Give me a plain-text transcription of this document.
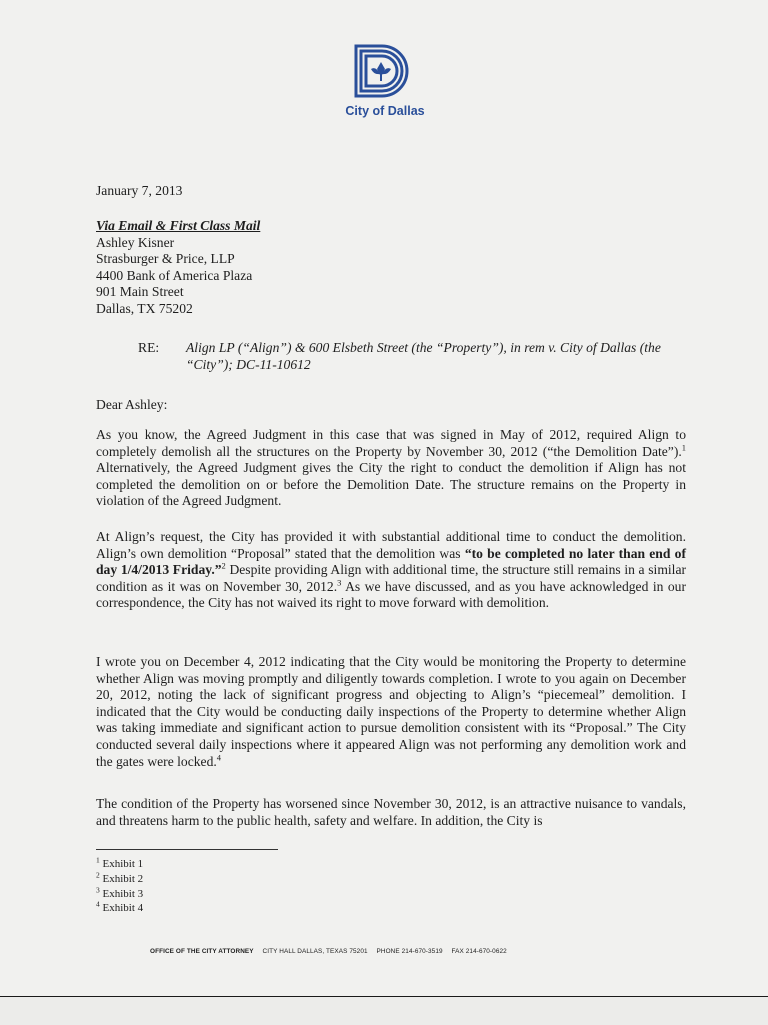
City of Dallas
January 7, 2013
Via Email & First Class Mail
Ashley Kisner
Strasburger & Price, LLP
4400 Bank of America Plaza
901 Main Street
Dallas, TX 75202
RE: Align LP (“Align”) & 600 Elsbeth Street (the “Property”), in rem v. City of Dallas (the “City”); DC-11-10612
Dear Ashley:
As you know, the Agreed Judgment in this case that was signed in May of 2012, required Align to completely demolish all the structures on the Property by November 30, 2012 (“the Demolition Date”).$^1$ Alternatively, the Agreed Judgment gives the City the right to conduct the demolition if Align has not completed the demolition on or before the Demolition Date. The structure remains on the Property in violation of the Agreed Judgment.
At Align’s request, the City has provided it with substantial additional time to conduct the demolition. Align’s own demolition “Proposal” stated that the demolition was “to be completed no later than end of day 1/4/2013 Friday.”$^2$ Despite providing Align with additional time, the structure still remains in a similar condition as it was on November 30, 2012.$^3$ As we have discussed, and as you have acknowledged in our correspondence, the City has not waived its right to move forward with demolition.
I wrote you on December 4, 2012 indicating that the City would be monitoring the Property to determine whether Align was moving promptly and diligently towards completion. I wrote to you again on December 20, 2012, noting the lack of significant progress and objecting to Align’s “piecemeal” demolition. I indicated that the City would be conducting daily inspections of the Property to determine whether Align was taking immediate and significant action to pursue demolition consistent with its “Proposal.” The City conducted several daily inspections where it appeared Align was not performing any demolition work and the gates were locked.$^4$
The condition of the Property has worsened since November 30, 2012, is an attractive nuisance to vandals, and threatens harm to the public health, safety and welfare. In addition, the City is
$^1$ Exhibit 1
$^2$ Exhibit 2
$^3$ Exhibit 3
$^4$ Exhibit 4
OFFICE OF THE CITY ATTORNEY CITY HALL DALLAS, TEXAS 75201 PHONE 214-670-3519 FAX 214-670-0622
